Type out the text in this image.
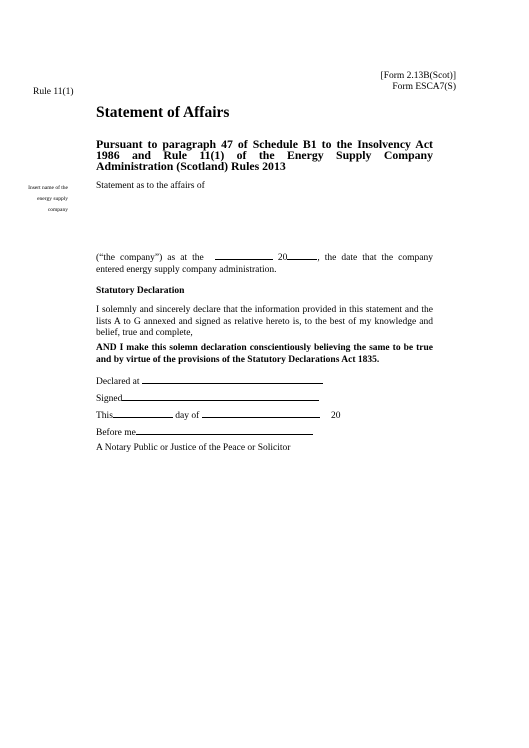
Rule 11(1)
[Form 2.13B(Scot)]
Form ESCA7(S)
Statement of Affairs
Pursuant to paragraph 47 of Schedule B1 to the Insolvency Act 1986 and Rule 11(1) of the Energy Supply Company Administration (Scotland) Rules 2013
Insert name of the
energy supply
company
Statement as to the affairs of
(“the company”) as at the	20	, the date that the company entered energy supply company administration.
Statutory Declaration
I solemnly and sincerely declare that the information provided in this statement and the lists A to G annexed and signed as relative hereto is, to the best of my knowledge and belief, true and complete,
AND I make this solemn declaration conscientiously believing the same to be true and by virtue of the provisions of the Statutory Declarations Act 1835.
Declared at
Signed
This	day of	20
Before me
A Notary Public or Justice of the Peace or Solicitor
